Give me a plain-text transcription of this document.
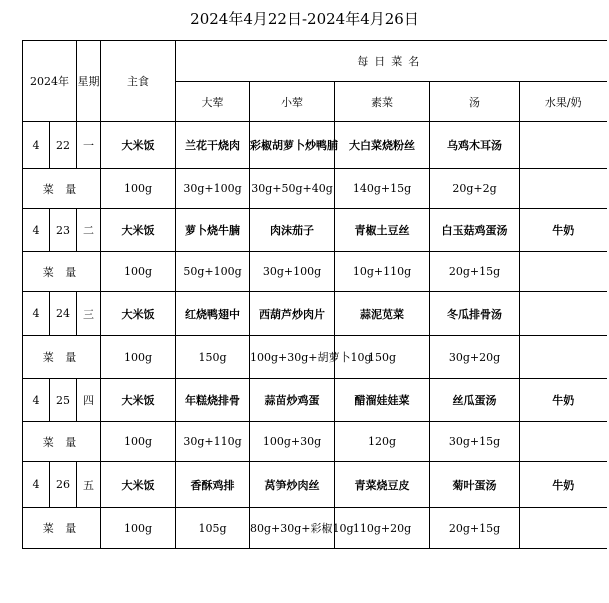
2024年4月22日-2024年4月26日
2024年		星期	主食	每日菜名				
				大荤	小荤	素菜	汤	水果/奶
4	22	一	大米饭	兰花干烧肉	彩椒胡萝卜炒鸭脯	大白菜烧粉丝	乌鸡木耳汤	
菜 量			100g	30g+100g	30g+50g+40g	140g+15g	20g+2g	
4	23	二	大米饭	萝卜烧牛腩	肉沫茄子	青椒土豆丝	白玉菇鸡蛋汤	牛奶
菜 量			100g	50g+100g	30g+100g	10g+110g	20g+15g	
4	24	三	大米饭	红烧鸭翅中	西葫芦炒肉片	蒜泥苋菜	冬瓜排骨汤	
菜 量			100g	150g	100g+30g+胡萝卜10g	150g	30g+20g	
4	25	四	大米饭	年糕烧排骨	蒜苗炒鸡蛋	醋溜娃娃菜	丝瓜蛋汤	牛奶
菜 量			100g	30g+110g	100g+30g	120g	30g+15g	
4	26	五	大米饭	香酥鸡排	莴笋炒肉丝	青菜烧豆皮	菊叶蛋汤	牛奶
菜 量			100g	105g	80g+30g+彩椒10g	110g+20g	20g+15g	
